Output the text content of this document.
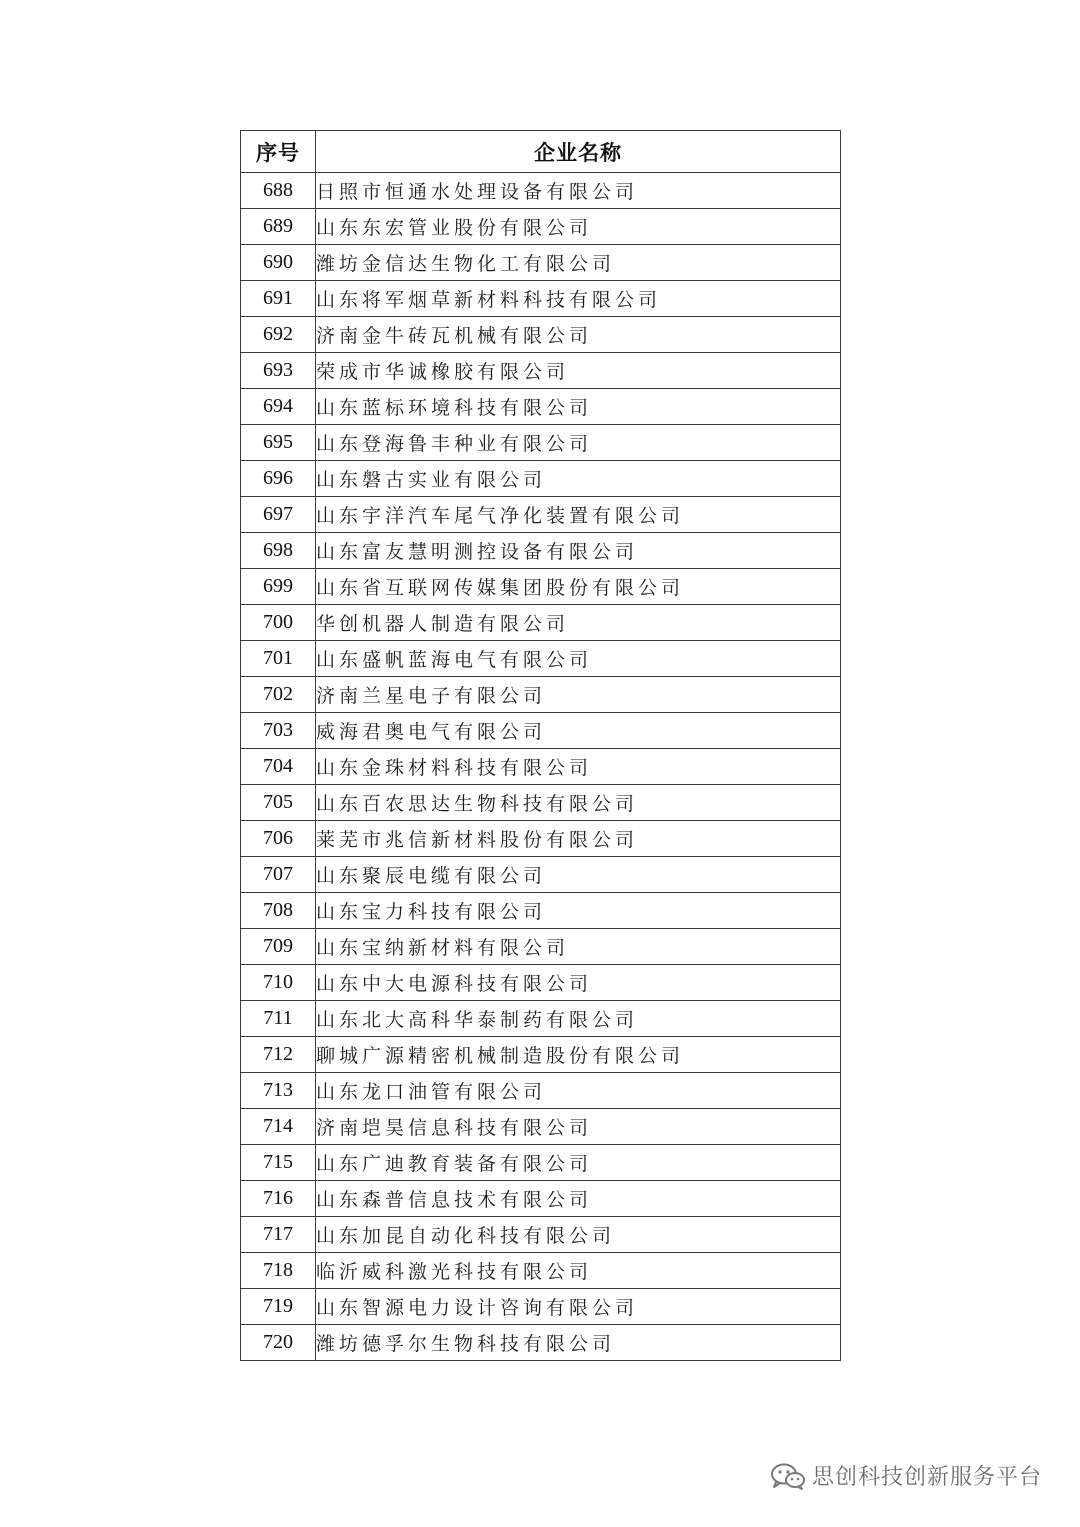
序号	企业名称
688	日照市恒通水处理设备有限公司
689	山东东宏管业股份有限公司
690	潍坊金信达生物化工有限公司
691	山东将军烟草新材料科技有限公司
692	济南金牛砖瓦机械有限公司
693	荣成市华诚橡胶有限公司
694	山东蓝标环境科技有限公司
695	山东登海鲁丰种业有限公司
696	山东磐古实业有限公司
697	山东宇洋汽车尾气净化装置有限公司
698	山东富友慧明测控设备有限公司
699	山东省互联网传媒集团股份有限公司
700	华创机器人制造有限公司
701	山东盛帆蓝海电气有限公司
702	济南兰星电子有限公司
703	威海君奥电气有限公司
704	山东金珠材料科技有限公司
705	山东百农思达生物科技有限公司
706	莱芜市兆信新材料股份有限公司
707	山东聚辰电缆有限公司
708	山东宝力科技有限公司
709	山东宝纳新材料有限公司
710	山东中大电源科技有限公司
711	山东北大高科华泰制药有限公司
712	聊城广源精密机械制造股份有限公司
713	山东龙口油管有限公司
714	济南垲昊信息科技有限公司
715	山东广迪教育装备有限公司
716	山东森普信息技术有限公司
717	山东加昆自动化科技有限公司
718	临沂威科激光科技有限公司
719	山东智源电力设计咨询有限公司
720	潍坊德孚尔生物科技有限公司
思创科技创新服务平台
